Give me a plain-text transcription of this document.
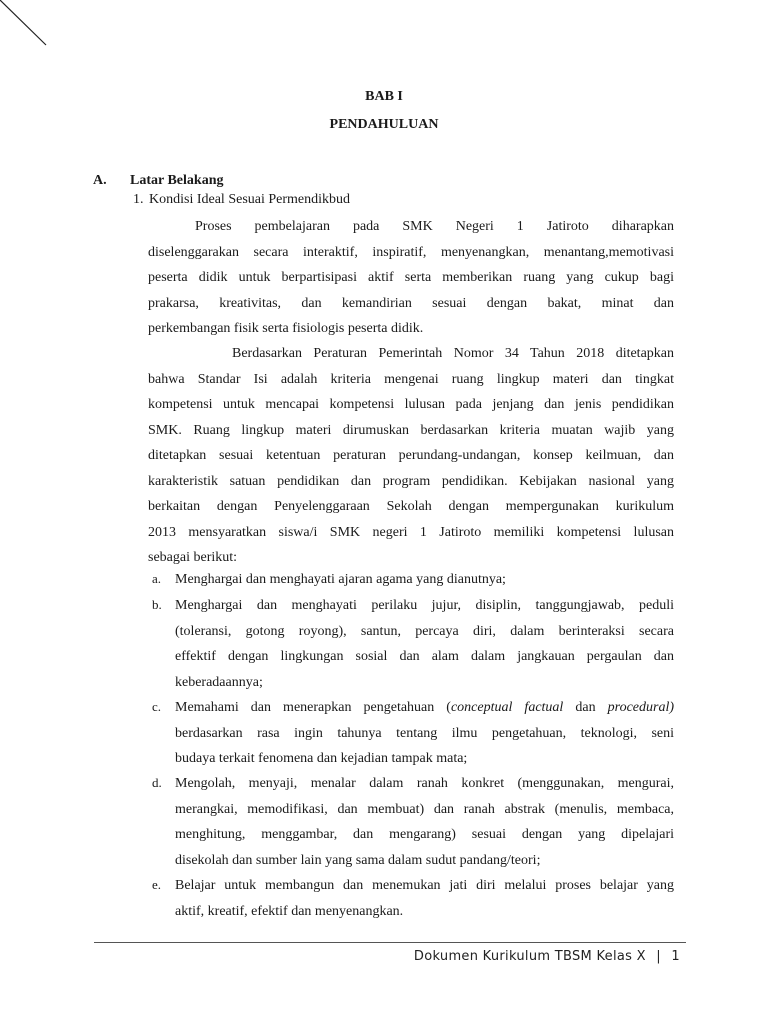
BAB I
PENDAHULUAN
A. Latar Belakang
1. Kondisi Ideal Sesuai Permendikbud
Proses pembelajaran pada SMK Negeri 1 Jatiroto diharapkan
diselenggarakan secara interaktif, inspiratif, menyenangkan, menantang,memotivasi
peserta didik untuk berpartisipasi aktif serta memberikan ruang yang cukup bagi
prakarsa, kreativitas, dan kemandirian sesuai dengan bakat, minat dan
perkembangan fisik serta fisiologis peserta didik.
Berdasarkan Peraturan Pemerintah Nomor 34 Tahun 2018 ditetapkan
bahwa Standar Isi adalah kriteria mengenai ruang lingkup materi dan tingkat
kompetensi untuk mencapai kompetensi lulusan pada jenjang dan jenis pendidikan
SMK. Ruang lingkup materi dirumuskan berdasarkan kriteria muatan wajib yang
ditetapkan sesuai ketentuan peraturan perundang-undangan, konsep keilmuan, dan
karakteristik satuan pendidikan dan program pendidikan. Kebijakan nasional yang
berkaitan dengan Penyelenggaraan Sekolah dengan mempergunakan kurikulum
2013 mensyaratkan siswa/i SMK negeri 1 Jatiroto memiliki kompetensi lulusan
sebagai berikut:
a. Menghargai dan menghayati ajaran agama yang dianutnya;
b. Menghargai dan menghayati perilaku jujur, disiplin, tanggungjawab, peduli
(toleransi, gotong royong), santun, percaya diri, dalam berinteraksi secara
effektif dengan lingkungan sosial dan alam dalam jangkauan pergaulan dan
keberadaannya;
c. Memahami dan menerapkan pengetahuan (conceptual factual dan procedural)
berdasarkan rasa ingin tahunya tentang ilmu pengetahuan, teknologi, seni
budaya terkait fenomena dan kejadian tampak mata;
d. Mengolah, menyaji, menalar dalam ranah konkret (menggunakan, mengurai,
merangkai, memodifikasi, dan membuat) dan ranah abstrak (menulis, membaca,
menghitung, menggambar, dan mengarang) sesuai dengan yang dipelajari
disekolah dan sumber lain yang sama dalam sudut pandang/teori;
e. Belajar untuk membangun dan menemukan jati diri melalui proses belajar yang
aktif, kreatif, efektif dan menyenangkan.
Dokumen Kurikulum TBSM Kelas X | 1
